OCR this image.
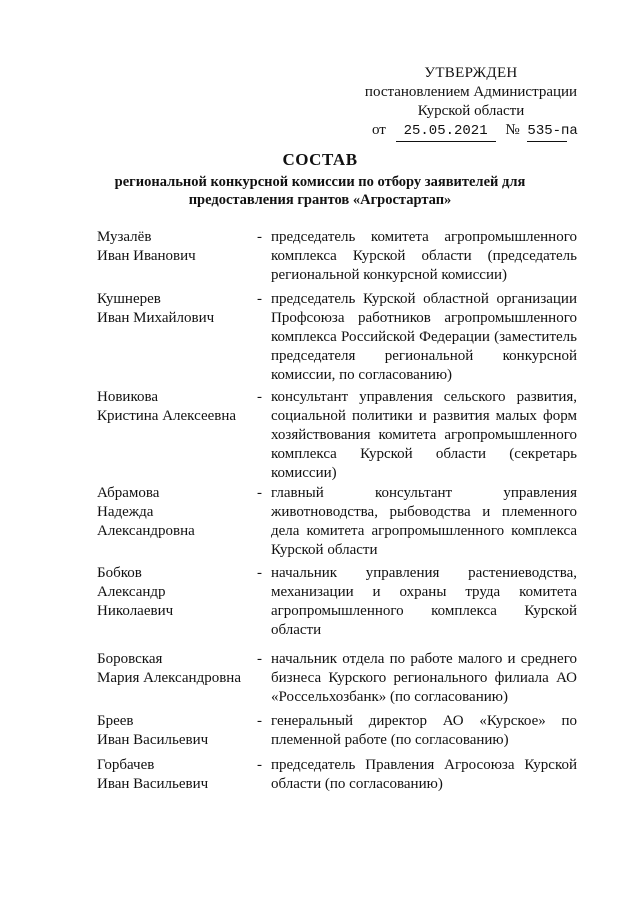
УТВЕРЖДЕН
постановлением Администрации
Курской области
от 25.05.2021 № 535-па
СОСТАВ
региональной конкурсной комиссии по отбору заявителей для
предоставления грантов «Агростартап»
Музалёв
Иван Иванович
- председатель комитета агропромышленного комплекса Курской области (председатель региональной конкурсной комиссии)
Кушнерев
Иван Михайлович
- председатель Курской областной организации Профсоюза работников агропромышленного комплекса Российской Федерации (заместитель председателя региональной конкурсной комиссии, по согласованию)
Новикова
Кристина Алексеевна
- консультант управления сельского развития, социальной политики и развития малых форм хозяйствования комитета агропромышленного комплекса Курской области (секретарь комиссии)
Абрамова
Надежда
Александровна
- главный консультант управления животноводства, рыбоводства и племенного дела комитета агропромышленного комплекса Курской области
Бобков
Александр
Николаевич
- начальник управления растениеводства, механизации и охраны труда комитета агропромышленного комплекса Курской области
Боровская
Мария Александровна
- начальник отдела по работе малого и среднего бизнеса Курского регионального филиала АО «Россельхозбанк» (по согласованию)
Бреев
Иван Васильевич
- генеральный директор АО «Курское» по племенной работе (по согласованию)
Горбачев
Иван Васильевич
- председатель Правления Агросоюза Курской области (по согласованию)
